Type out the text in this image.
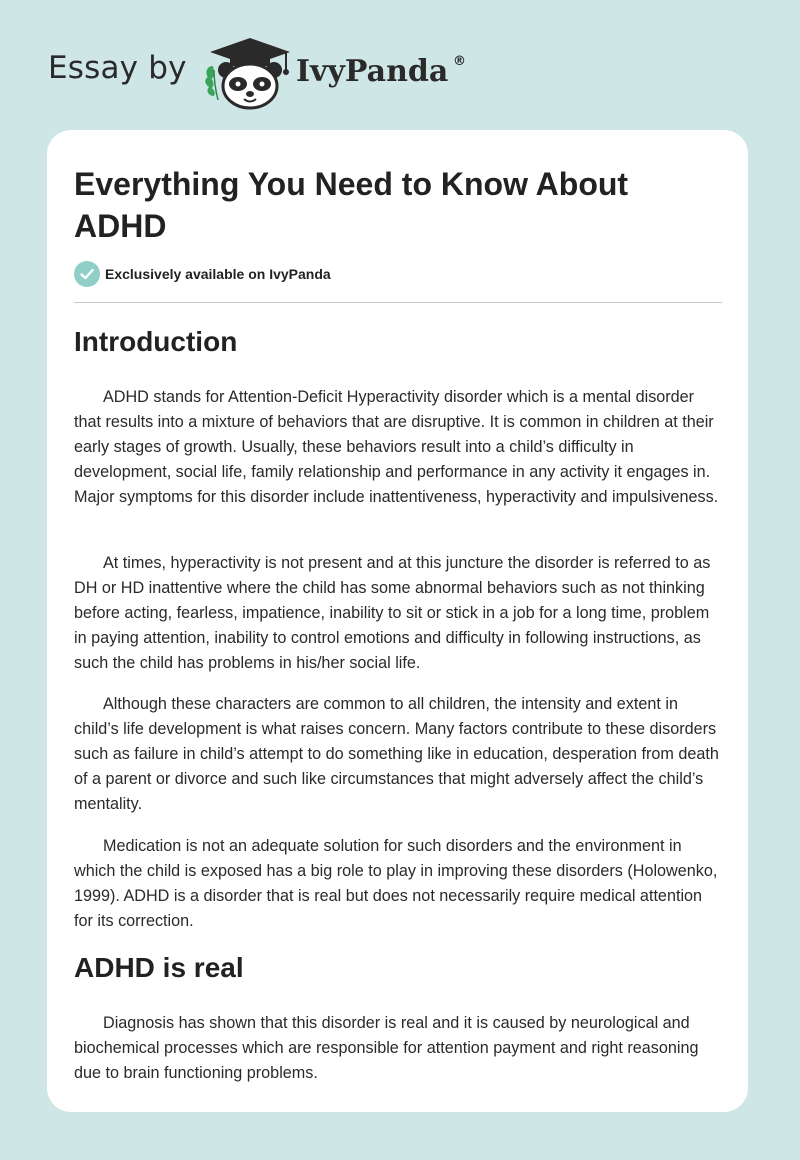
Essay by	IvyPanda ®
Everything You Need to Know About ADHD
Exclusively available on IvyPanda
Introduction

ADHD stands for Attention-Deficit Hyperactivity disorder which is a mental disorder that results into a mixture of behaviors that are disruptive. It is common in children at their early stages of growth. Usually, these behaviors result into a child’s difficulty in development, social life, family relationship and performance in any activity it engages in. Major symptoms for this disorder include inattentiveness, hyperactivity and impulsiveness.

At times, hyperactivity is not present and at this juncture the disorder is referred to as DH or HD inattentive where the child has some abnormal behaviors such as not thinking before acting, fearless, impatience, inability to sit or stick in a job for a long time, problem in paying attention, inability to control emotions and difficulty in following instructions, as such the child has problems in his/her social life.

Although these characters are common to all children, the intensity and extent in child’s life development is what raises concern. Many factors contribute to these disorders such as failure in child’s attempt to do something like in education, desperation from death of a parent or divorce and such like circumstances that might adversely affect the child’s mentality.

Medication is not an adequate solution for such disorders and the environment in which the child is exposed has a big role to play in improving these disorders (Holowenko, 1999). ADHD is a disorder that is real but does not necessarily require medical attention for its correction.

ADHD is real

Diagnosis has shown that this disorder is real and it is caused by neurological and biochemical processes which are responsible for attention payment and right reasoning due to brain functioning problems.
